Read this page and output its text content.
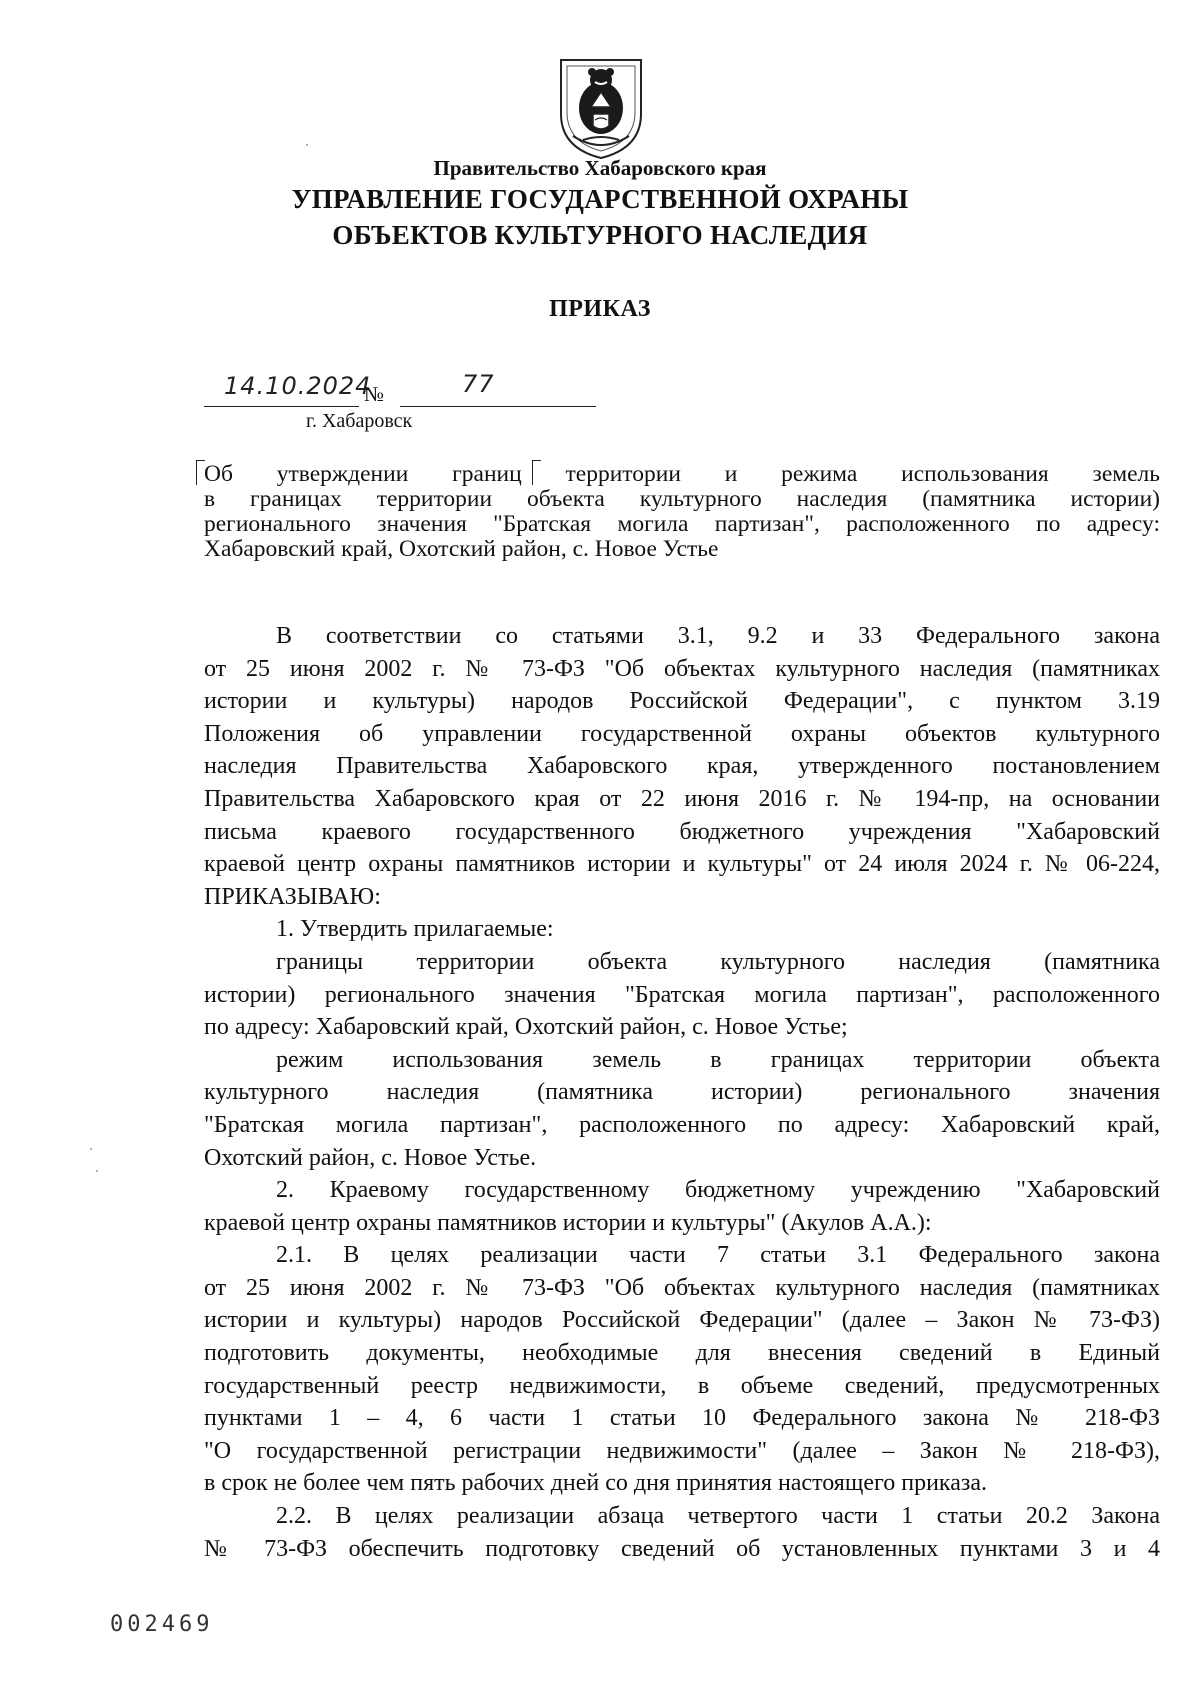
Правительство Хабаровского края
УПРАВЛЕНИЕ ГОСУДАРСТВЕННОЙ ОХРАНЫ
ОБЪЕКТОВ КУЛЬТУРНОГО НАСЛЕДИЯ
ПРИКАЗ
14.10.2024
№	77
г. Хабаровск
Об утверждении границ территории и режима использования земель
в границах территории объекта культурного наследия (памятника истории)
регионального значения "Братская могила партизан", расположенного по адресу:
Хабаровский край, Охотский район, с. Новое Устье
В соответствии со статьями 3.1, 9.2 и 33 Федерального закона
от 25 июня 2002 г. № 73-ФЗ "Об объектах культурного наследия (памятниках
истории и культуры) народов Российской Федерации", с пунктом 3.19
Положения об управлении государственной охраны объектов культурного
наследия Правительства Хабаровского края, утвержденного постановлением
Правительства Хабаровского края от 22 июня 2016 г. № 194-пр, на основании
письма краевого государственного бюджетного учреждения "Хабаровский
краевой центр охраны памятников истории и культуры" от 24 июля 2024 г. № 06-224,
ПРИКАЗЫВАЮ:
1. Утвердить прилагаемые:
границы территории объекта культурного наследия (памятника
истории) регионального значения "Братская могила партизан", расположенного
по адресу: Хабаровский край, Охотский район, с. Новое Устье;
режим использования земель в границах территории объекта
культурного наследия (памятника истории) регионального значения
"Братская могила партизан", расположенного по адресу: Хабаровский край,
Охотский район, с. Новое Устье.
2. Краевому государственному бюджетному учреждению "Хабаровский
краевой центр охраны памятников истории и культуры" (Акулов А.А.):
2.1. В целях реализации части 7 статьи 3.1 Федерального закона
от 25 июня 2002 г. № 73-ФЗ "Об объектах культурного наследия (памятниках
истории и культуры) народов Российской Федерации" (далее – Закон № 73-ФЗ)
подготовить документы, необходимые для внесения сведений в Единый
государственный реестр недвижимости, в объеме сведений, предусмотренных
пунктами 1 – 4, 6 части 1 статьи 10 Федерального закона № 218-ФЗ
"О государственной регистрации недвижимости" (далее – Закон № 218-ФЗ),
в срок не более чем пять рабочих дней со дня принятия настоящего приказа.
2.2. В целях реализации абзаца четвертого части 1 статьи 20.2 Закона
№ 73-ФЗ обеспечить подготовку сведений об установленных пунктами 3 и 4
002469
